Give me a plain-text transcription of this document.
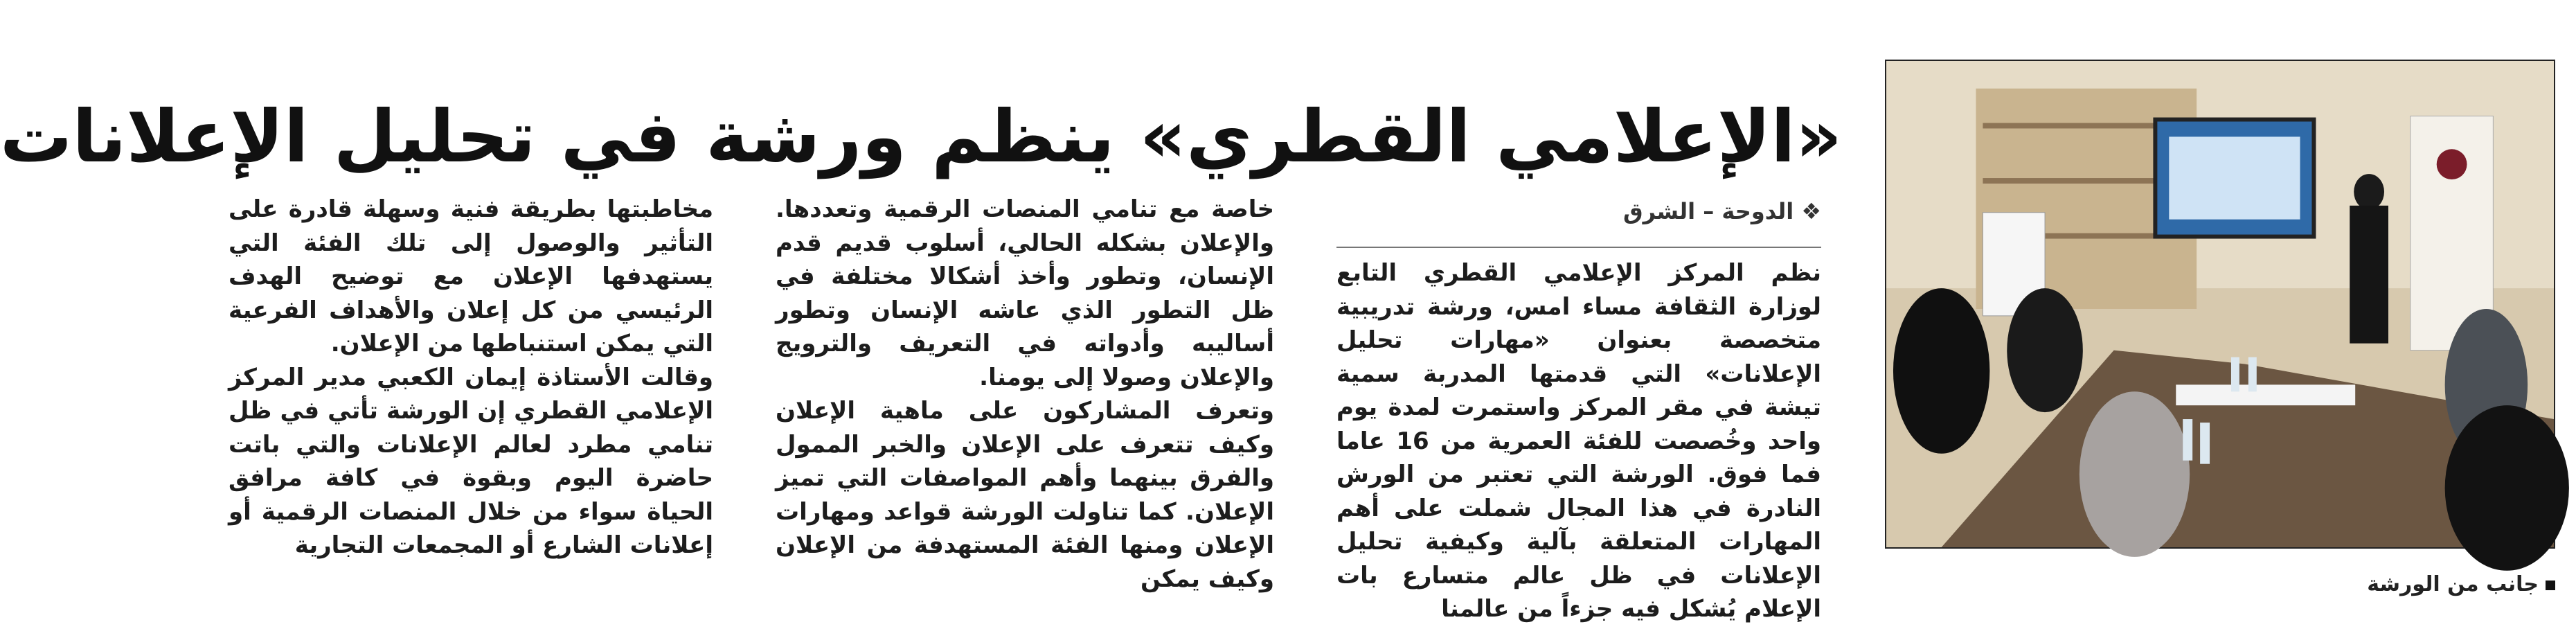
جانب من الورشة
«الإعلامي القطري» ينظم ورشة في تحليل الإعلانات
❖ الدوحة – الشرق

نظم المركز الإعلامي القطري التابع لوزارة الثقافة مساء امس، ورشة تدريبية متخصصة بعنوان «مهارات تحليل الإعلانات» التي قدمتها المدربة سمية تيشة في مقر المركز واستمرت لمدة يوم واحد وخُصصت للفئة العمرية من 16 عاما فما فوق. الورشة التي تعتبر من الورش النادرة في هذا المجال شملت على أهم المهارات المتعلقة بآلية وكيفية تحليل الإعلانات في ظل عالم متسارع بات الإعلام يُشكل فيه جزءاً من عالمنا

خاصة مع تنامي المنصات الرقمية وتعددها. والإعلان بشكله الحالي، أسلوب قديم قدم الإنسان، وتطور وأخذ أشكالا مختلفة في ظل التطور الذي عاشه الإنسان وتطور أساليبه وأدواته في التعريف والترويج والإعلان وصولا إلى يومنا.

وتعرف المشاركون على ماهية الإعلان وكيف تتعرف على الإعلان والخبر الممول والفرق بينهما وأهم المواصفات التي تميز الإعلان. كما تناولت الورشة قواعد ومهارات الإعلان ومنها الفئة المستهدفة من الإعلان وكيف يمكن

مخاطبتها بطريقة فنية وسهلة قادرة على التأثير والوصول إلى تلك الفئة التي يستهدفها الإعلان مع توضيح الهدف الرئيسي من كل إعلان والأهداف الفرعية التي يمكن استنباطها من الإعلان.

وقالت الأستاذة إيمان الكعبي مدير المركز الإعلامي القطري إن الورشة تأتي في ظل تنامي مطرد لعالم الإعلانات والتي باتت حاضرة اليوم وبقوة في كافة مرافق الحياة سواء من خلال المنصات الرقمية أو إعلانات الشارع أو المجمعات التجارية
